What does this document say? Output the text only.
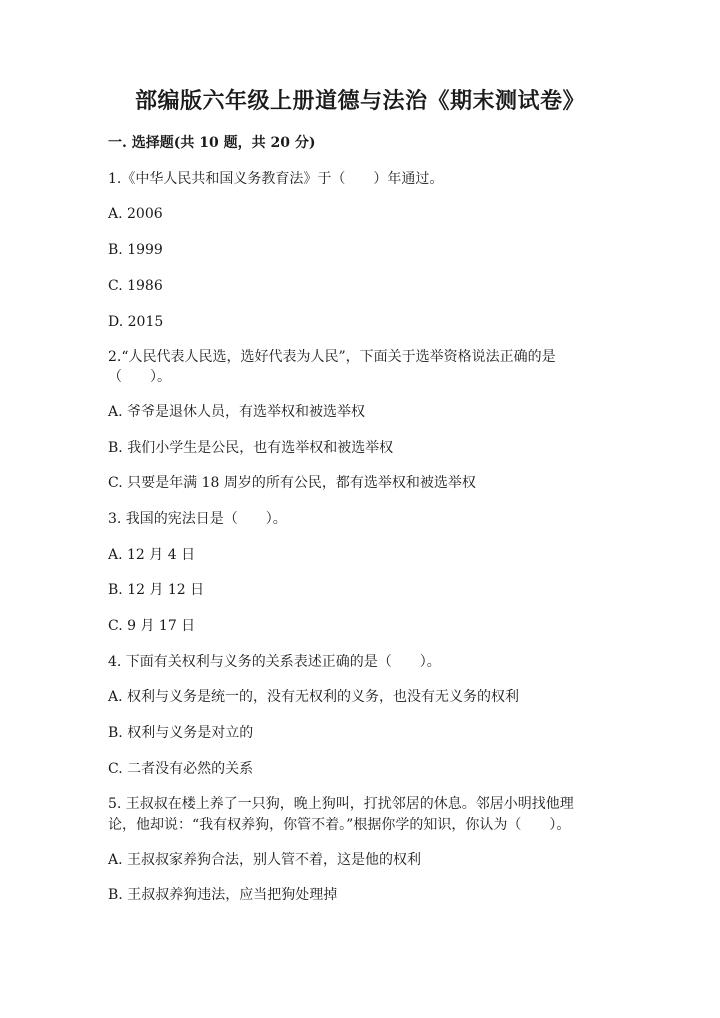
部编版六年级上册道德与法治《期末测试卷》
一. 选择题(共 10 题，共 20 分)
1.《中华人民共和国义务教育法》于（　　）年通过。
A. 2006
B. 1999
C. 1986
D. 2015
2.“人民代表人民选，选好代表为人民”，下面关于选举资格说法正确的是
（　　）。
A. 爷爷是退休人员，有选举权和被选举权
B. 我们小学生是公民，也有选举权和被选举权
C. 只要是年满 18 周岁的所有公民，都有选举权和被选举权
3. 我国的宪法日是（　　）。
A. 12 月 4 日
B. 12 月 12 日
C. 9 月 17 日
4. 下面有关权利与义务的关系表述正确的是（　　）。
A. 权利与义务是统一的，没有无权利的义务，也没有无义务的权利
B. 权利与义务是对立的
C. 二者没有必然的关系
5. 王叔叔在楼上养了一只狗，晚上狗叫，打扰邻居的休息。邻居小明找他理
论，他却说：“我有权养狗，你管不着。”根据你学的知识，你认为（　　）。
A. 王叔叔家养狗合法，别人管不着，这是他的权利
B. 王叔叔养狗违法，应当把狗处理掉
